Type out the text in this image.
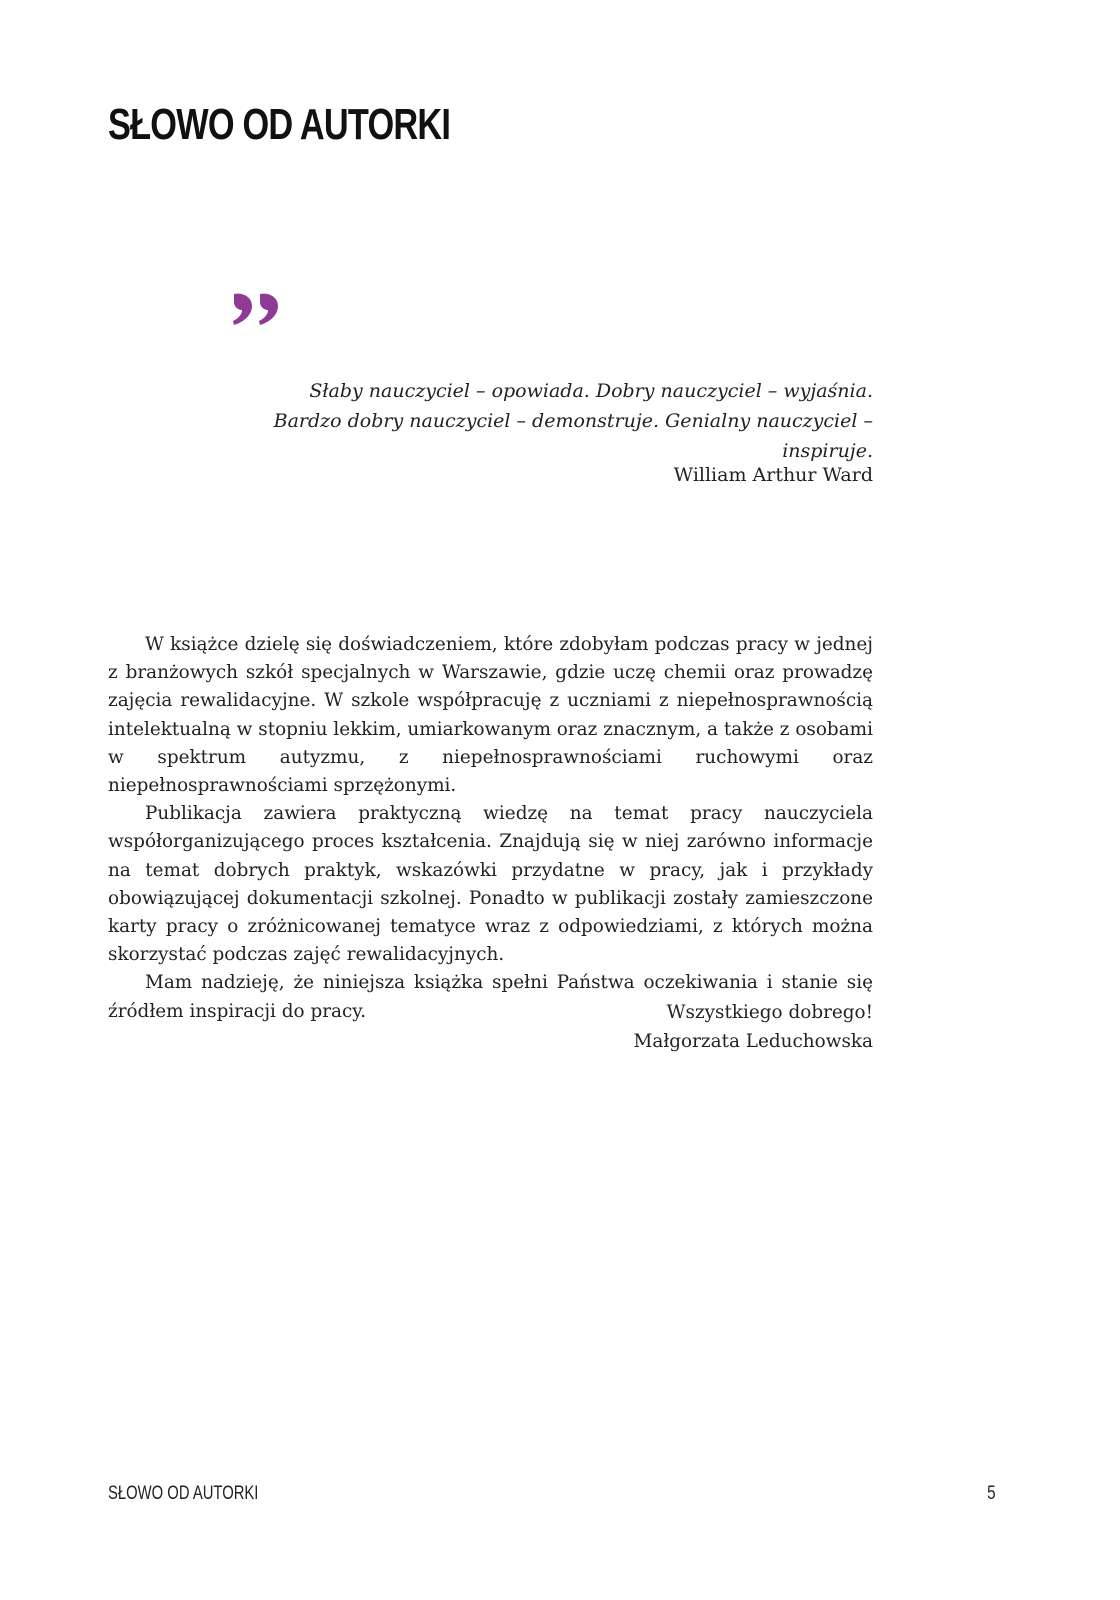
SŁOWO OD AUTORKI
Słaby nauczyciel – opowiada. Dobry nauczyciel – wyjaśnia.
Bardzo dobry nauczyciel – demonstruje. Genialny nauczyciel – inspiruje.
William Arthur Ward

W książce dzielę się doświadczeniem, które zdobyłam podczas pracy w jednej z branżowych szkół specjalnych w Warszawie, gdzie uczę chemii oraz prowadzę zajęcia rewalidacyjne. W szkole współpracuję z uczniami z niepełnosprawnością intelektualną w stopniu lekkim, umiarkowanym oraz znacznym, a także z osobami w spektrum autyzmu, z niepełnosprawnościami ruchowymi oraz niepełnosprawnościami sprzężonymi.

Publikacja zawiera praktyczną wiedzę na temat pracy nauczyciela współorganizującego proces kształcenia. Znajdują się w niej zarówno informacje na temat dobrych praktyk, wskazówki przydatne w pracy, jak i przykłady obowiązującej dokumentacji szkolnej. Ponadto w publikacji zostały zamieszczone karty pracy o zróżnicowanej tematyce wraz z odpowiedziami, z których można skorzystać podczas zajęć rewalidacyjnych.

Mam nadzieję, że niniejsza książka spełni Państwa oczekiwania i stanie się źródłem inspiracji do pracy.	Wszystkiego dobrego!
Małgorzata Leduchowska
SŁOWO OD AUTORKI	5
